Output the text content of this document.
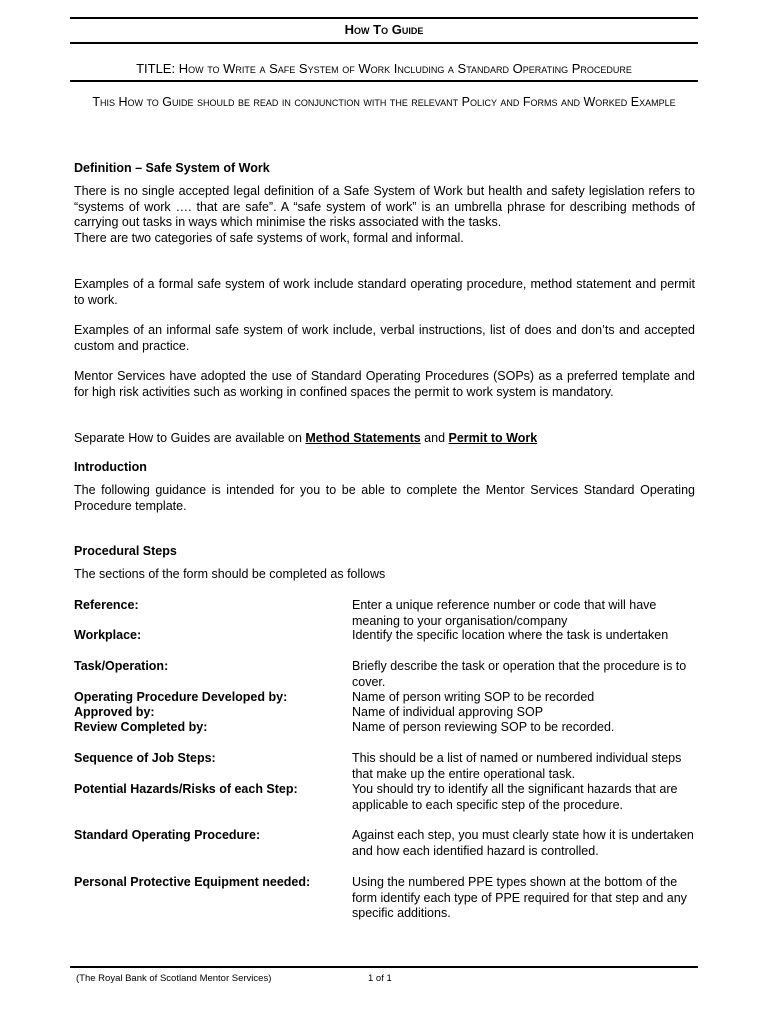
How To Guide
TITLE: How to Write a Safe System of Work Including a Standard Operating Procedure
This How to Guide should be read in conjunction with the relevant Policy and Forms and Worked Example
Definition – Safe System of Work

There is no single accepted legal definition of a Safe System of Work but health and safety legislation refers to “systems of work …. that are safe”. A “safe system of work” is an umbrella phrase for describing methods of carrying out tasks in ways which minimise the risks associated with the tasks.

There are two categories of safe systems of work, formal and informal.

Examples of a formal safe system of work include standard operating procedure, method statement and permit to work.
Examples of an informal safe system of work include, verbal instructions, list of does and don’ts and accepted custom and practice.
Mentor Services have adopted the use of Standard Operating Procedures (SOPs) as a preferred template and for high risk activities such as working in confined spaces the permit to work system is mandatory.
Separate How to Guides are available on Method Statements and Permit to Work
Introduction
The following guidance is intended for you to be able to complete the Mentor Services Standard Operating Procedure template.
Procedural Steps
The sections of the form should be completed as follows
Reference:	Enter a unique reference number or code that will have meaning to your organisation/company
Workplace:	Identify the specific location where the task is undertaken
Task/Operation:	Briefly describe the task or operation that the procedure is to cover.
Operating Procedure Developed by:	Name of person writing SOP to be recorded
Approved by:	Name of individual approving SOP
Review Completed by:	Name of person reviewing SOP to be recorded.
Sequence of Job Steps:	This should be a list of named or numbered individual steps that make up the entire operational task.
Potential Hazards/Risks of each Step:	You should try to identify all the significant hazards that are applicable to each specific step of the procedure.
Standard Operating Procedure:	Against each step, you must clearly state how it is undertaken and how each identified hazard is controlled.
Personal Protective Equipment needed:	Using the numbered PPE types shown at the bottom of the form identify each type of PPE required for that step and any specific additions.
(The Royal Bank of Scotland Mentor Services)	1 of 1
